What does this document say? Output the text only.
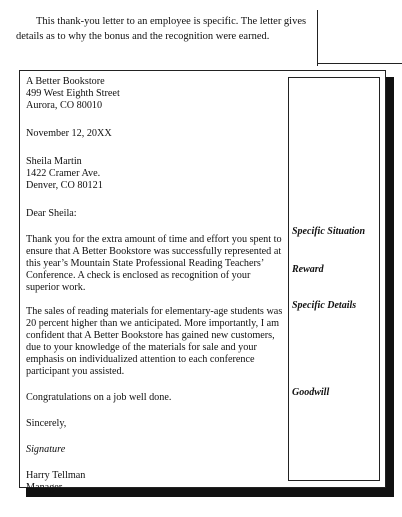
This thank-you letter to an employee is specific. The letter gives details as to why the bonus and the recognition were earned.

A Better Bookstore
499 West Eighth Street
Aurora, CO 80010

November 12, 20XX

Sheila Martin
1422 Cramer Ave.
Denver, CO 80121

Dear Sheila:

Thank you for the extra amount of time and effort you spent to ensure that A Better Bookstore was successfully represented at this year’s Mountain State Professional Reading Teachers’ Conference. A check is enclosed as recognition of your superior work.

The sales of reading materials for elementary-age students was 20 percent higher than we anticipated. More importantly, I am confident that A Better Bookstore has gained new customers, due to your knowledge of the materials for sale and your emphasis on individualized attention to each conference participant you assisted.

Congratulations on a job well done.

Sincerely,

Signature

Harry Tellman
Manager

Specific Situation
Reward
Specific Details
Goodwill
